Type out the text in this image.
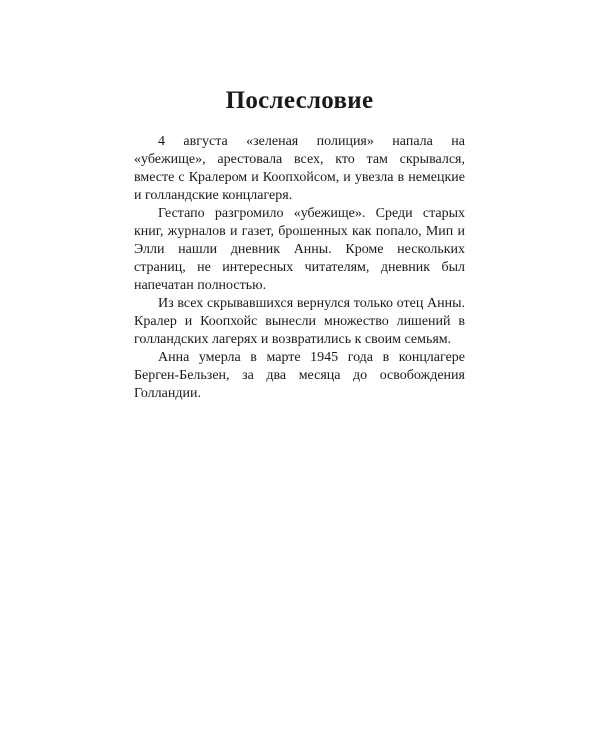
Послесловие

4 августа «зеленая полиция» напала на «убежище», арестовала всех, кто там скрывался, вместе с Кралером и Коопхойсом, и увезла в немецкие и голландские концлагеря.

Гестапо разгромило «убежище». Среди старых книг, журналов и газет, брошенных как попало, Мип и Элли нашли дневник Анны. Кроме нескольких страниц, не интересных читателям, дневник был напечатан полностью.

Из всех скрывавшихся вернулся только отец Анны. Кралер и Коопхойс вынесли множество лишений в голландских лагерях и возвратились к своим семьям.

Анна умерла в марте 1945 года в концлагере Берген-Бельзен, за два месяца до освобождения Голландии.
